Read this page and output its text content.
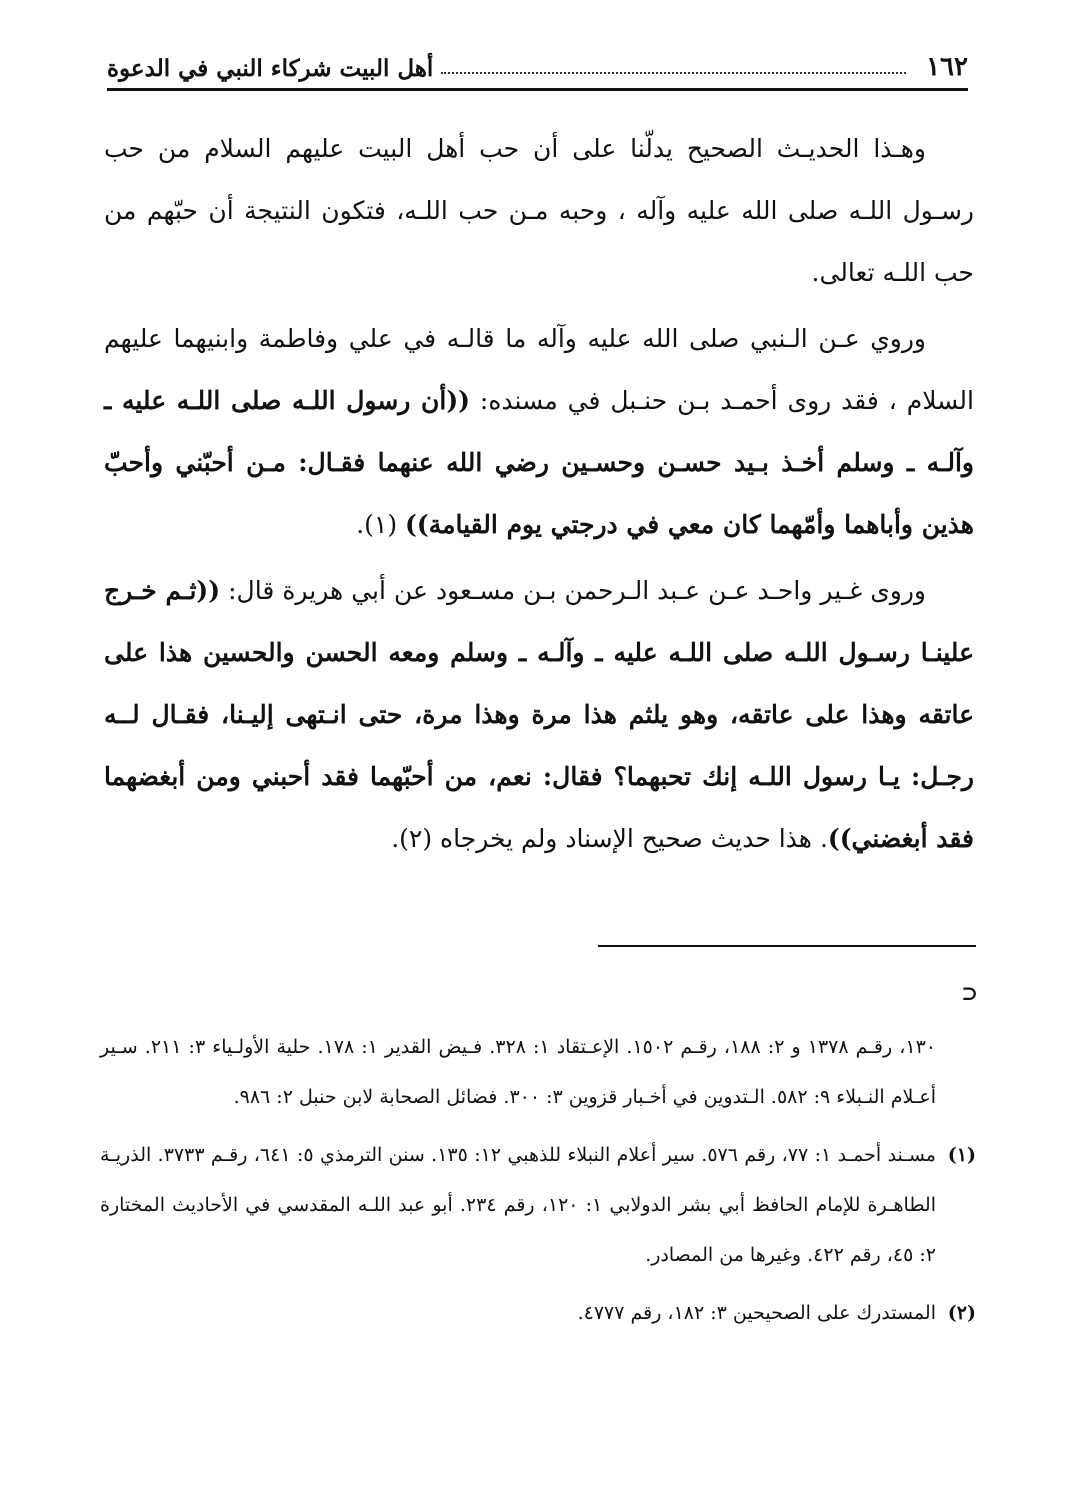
١٦٢
أهل البيت شركاء النبي في الدعوة

وهـذا الحديـث الصحيح يدلّنا على أن حب أهل البيت عليهم السلام من حب رسـول اللـه صلى الله عليه وآله ، وحبه مـن حب اللـه، فتكون النتيجة أن حبّهم من حب اللـه تعالى.

وروي عـن الـنبي صلى الله عليه وآله ما قالـه في علي وفاطمة وابنيهما عليهم السلام ، فقد روى أحمـد بـن حنـبل في مسنده: ((أن رسول اللـه صلى اللـه عليه ـ وآلـه ـ وسلم أخـذ بـيد حسـن وحسـين رضي الله عنهما فقـال: مـن أحبّني وأحبّ هذين وأباهما وأمّهما كان معي في درجتي يوم القيامة)) (١).

وروى غـير واحـد عـن عـبد الـرحمن بـن مسـعود عن أبي هريرة قال: ((ثـم خـرج علينـا رسـول اللـه صلى اللـه عليه ـ وآلـه ـ وسلم ومعه الحسن والحسين هذا على عاتقه وهذا على عاتقه، وهو يلثم هذا مرة وهذا مرة، حتى انـتهى إليـنا، فقـال لــه رجـل: يـا رسول اللـه إنك تحبهما؟ فقال: نعم، من أحبّهما فقد أحبني ومن أبغضهما فقد أبغضني)). هذا حديث صحيح الإسناد ولم يخرجاه (٢).

⊃

١٣٠، رقـم ١٣٧٨ و ٢: ١٨٨، رقـم ١٥٠٢. الإعـتقاد ١: ٣٢٨. فـيض القدير ١: ١٧٨. حلية الأولـياء ٣: ٢١١. سـير أعـلام النـبلاء ٩: ٥٨٢. الـتدوين في أخـبار قزوين ٣: ٣٠٠. فضائل الصحابة لابن حنبل ٢: ٩٨٦.

(١)مسـند أحمـد ١: ٧٧، رقم ٥٧٦. سير أعلام النبلاء للذهبي ١٢: ١٣٥. سنن الترمذي ٥: ٦٤١، رقـم ٣٧٣٣. الذريـة الطاهـرة للإمام الحافظ أبي بشر الدولابي ١: ١٢٠، رقم ٢٣٤. أبو عبد اللـه المقدسي في الأحاديث المختارة ٢: ٤٥، رقم ٤٢٢. وغيرها من المصادر.

(٢)المستدرك على الصحيحين ٣: ١٨٢، رقم ٤٧٧٧.
